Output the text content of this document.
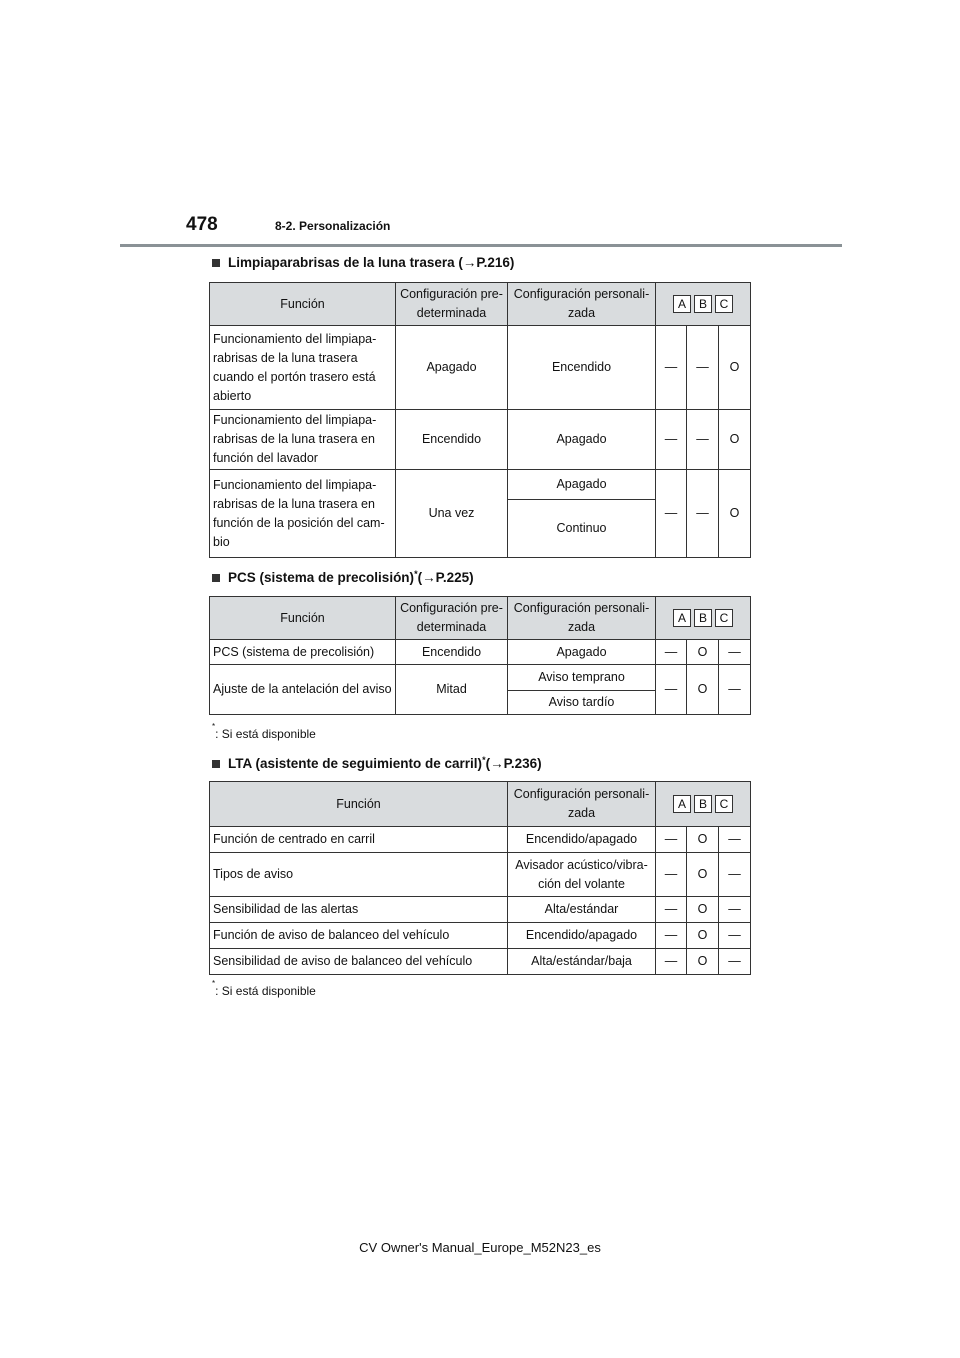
478	8-2. Personalización
Limpiaparabrisas de la luna trasera (→P.216)
Función	Configuración pre-determinada	Configuración personali-zada	A B C		

Funcionamiento del limpiapa-rabrisas de la luna trasera cuando el portón trasero está abierto	Apagado	Encendido	—	—	O
Funcionamiento del limpiapa-rabrisas de la luna trasera en función del lavador	Encendido	Apagado	—	—	O
Funcionamiento del limpiapa-rabrisas de la luna trasera en función de la posición del cam-bio	Una vez	Apagado	—	—	O
		Continuo			
PCS (sistema de precolisión)* (→P.225)
Función	Configuración pre-determinada	Configuración personali-zada	A B C		

PCS (sistema de precolisión)	Encendido	Apagado	—	O	—
Ajuste de la antelación del aviso	Mitad	Aviso temprano	—	O	—
		Aviso tardío			
*: Si está disponible
LTA (asistente de seguimiento de carril)* (→P.236)
Función	Configuración personali-zada	A B C		

Función de centrado en carril	Encendido/apagado	—	O	—
Tipos de aviso	Avisador acústico/vibra-ción del volante	—	O	—
Sensibilidad de las alertas	Alta/estándar	—	O	—
Función de aviso de balanceo del vehículo	Encendido/apagado	—	O	—
Sensibilidad de aviso de balanceo del vehículo	Alta/estándar/baja	—	O	—
*: Si está disponible
CV Owner's Manual_Europe_M52N23_es
